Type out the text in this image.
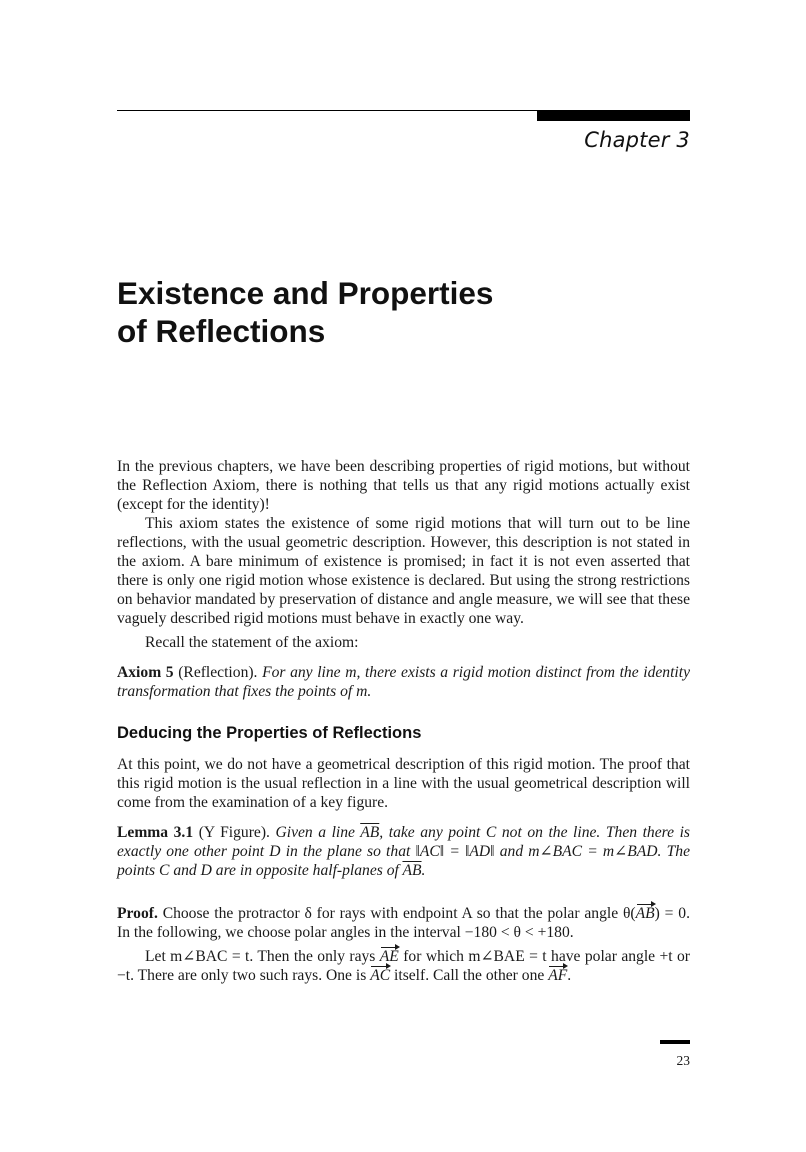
Chapter 3
Existence and Properties
of Reflections

In the previous chapters, we have been describing properties of rigid motions, but without the Reflection Axiom, there is nothing that tells us that any rigid motions actually exist (except for the identity)!

This axiom states the existence of some rigid motions that will turn out to be line reflections, with the usual geometric description. However, this description is not stated in the axiom. A bare minimum of existence is promised; in fact it is not even asserted that there is only one rigid motion whose existence is declared. But using the strong restrictions on behavior mandated by preservation of distance and angle measure, we will see that these vaguely described rigid motions must behave in exactly one way.

Recall the statement of the axiom:

Axiom 5 (Reflection). For any line m, there exists a rigid motion distinct from the identity transformation that fixes the points of m.

Deducing the Properties of Reflections

At this point, we do not have a geometrical description of this rigid motion. The proof that this rigid motion is the usual reflection in a line with the usual geometrical description will come from the examination of a key figure.

Lemma 3.1 (Y Figure). Given a line $\overline{AB}$, take any point C not on the line. Then there is exactly one other point D in the plane so that ‖AC‖ = ‖AD‖ and m∠BAC = m∠BAD. The points C and D are in opposite half-planes of $\overline{AB}$.

Proof. Choose the protractor δ for rays with endpoint A so that the polar angle θ(AB) = 0. In the following, we choose polar angles in the interval −180 < θ < +180.

Let m∠BAC = t. Then the only rays AE for which m∠BAE = t have polar angle +t or −t. There are only two such rays. One is AC itself. Call the other one AF.

23
